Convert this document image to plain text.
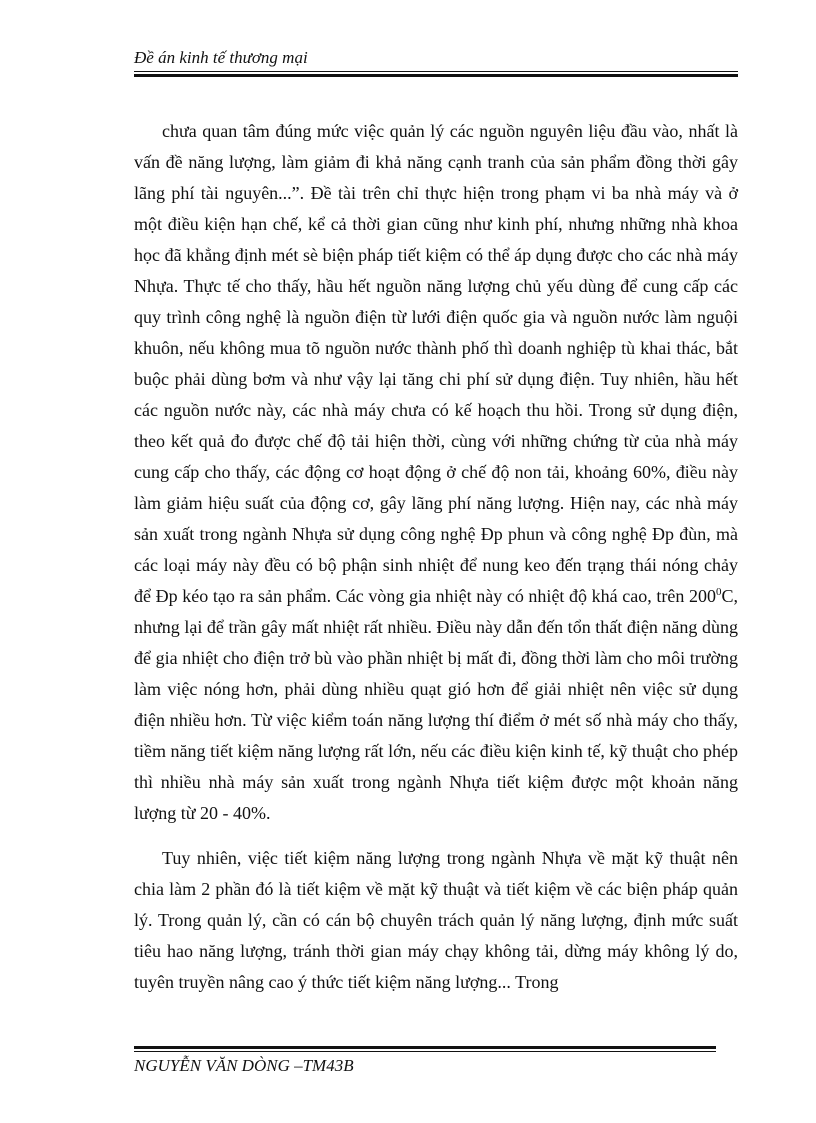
Đề án kinh tế thương mại

chưa quan tâm đúng mức việc quản lý các nguồn nguyên liệu đầu vào, nhất là vấn đề năng lượng, làm giảm đi khả năng cạnh tranh của sản phẩm đồng thời gây lãng phí tài nguyên...”. Đề tài trên chỉ thực hiện trong phạm vi ba nhà máy và ở một điều kiện hạn chế, kể cả thời gian cũng như kinh phí, nhưng những nhà khoa học đã khẳng định mét sè biện pháp tiết kiệm có thể áp dụng được cho các nhà máy Nhựa. Thực tế cho thấy, hầu hết nguồn năng lượng chủ yếu dùng để cung cấp các quy trình công nghệ là nguồn điện từ lưới điện quốc gia và nguồn nước làm nguội khuôn, nếu không mua tõ nguồn nước thành phố thì doanh nghiệp tù khai thác, bắt buộc phải dùng bơm và như vậy lại tăng chi phí sử dụng điện. Tuy nhiên, hầu hết các nguồn nước này, các nhà máy chưa có kế hoạch thu hồi. Trong sử dụng điện, theo kết quả đo được chế độ tải hiện thời, cùng với những chứng từ của nhà máy cung cấp cho thấy, các động cơ hoạt động ở chế độ non tải, khoảng 60%, điều này làm giảm hiệu suất của động cơ, gây lãng phí năng lượng. Hiện nay, các nhà máy sản xuất trong ngành Nhựa sử dụng công nghệ Ðp phun và công nghệ Ðp đùn, mà các loại máy này đều có bộ phận sinh nhiệt để nung keo đến trạng thái nóng chảy để Ðp kéo tạo ra sản phẩm. Các vòng gia nhiệt này có nhiệt độ khá cao, trên $200^0C$, nhưng lại để trần gây mất nhiệt rất nhiều. Điều này dẫn đến tổn thất điện năng dùng để gia nhiệt cho điện trở bù vào phần nhiệt bị mất đi, đồng thời làm cho môi trường làm việc nóng hơn, phải dùng nhiều quạt gió hơn để giải nhiệt nên việc sử dụng điện nhiều hơn. Từ việc kiểm toán năng lượng thí điểm ở mét số nhà máy cho thấy, tiềm năng tiết kiệm năng lượng rất lớn, nếu các điều kiện kinh tế, kỹ thuật cho phép thì nhiều nhà máy sản xuất trong ngành Nhựa tiết kiệm được một khoản năng lượng từ 20 - 40%.

Tuy nhiên, việc tiết kiệm năng lượng trong ngành Nhựa về mặt kỹ thuật nên chia làm 2 phần đó là tiết kiệm về mặt kỹ thuật và tiết kiệm về các biện pháp quản lý. Trong quản lý, cần có cán bộ chuyên trách quản lý năng lượng, định mức suất tiêu hao năng lượng, tránh thời gian máy chạy không tải, dừng máy không lý do, tuyên truyền nâng cao ý thức tiết kiệm năng lượng... Trong

NGUYỄN VĂN DÒNG –TM43B
